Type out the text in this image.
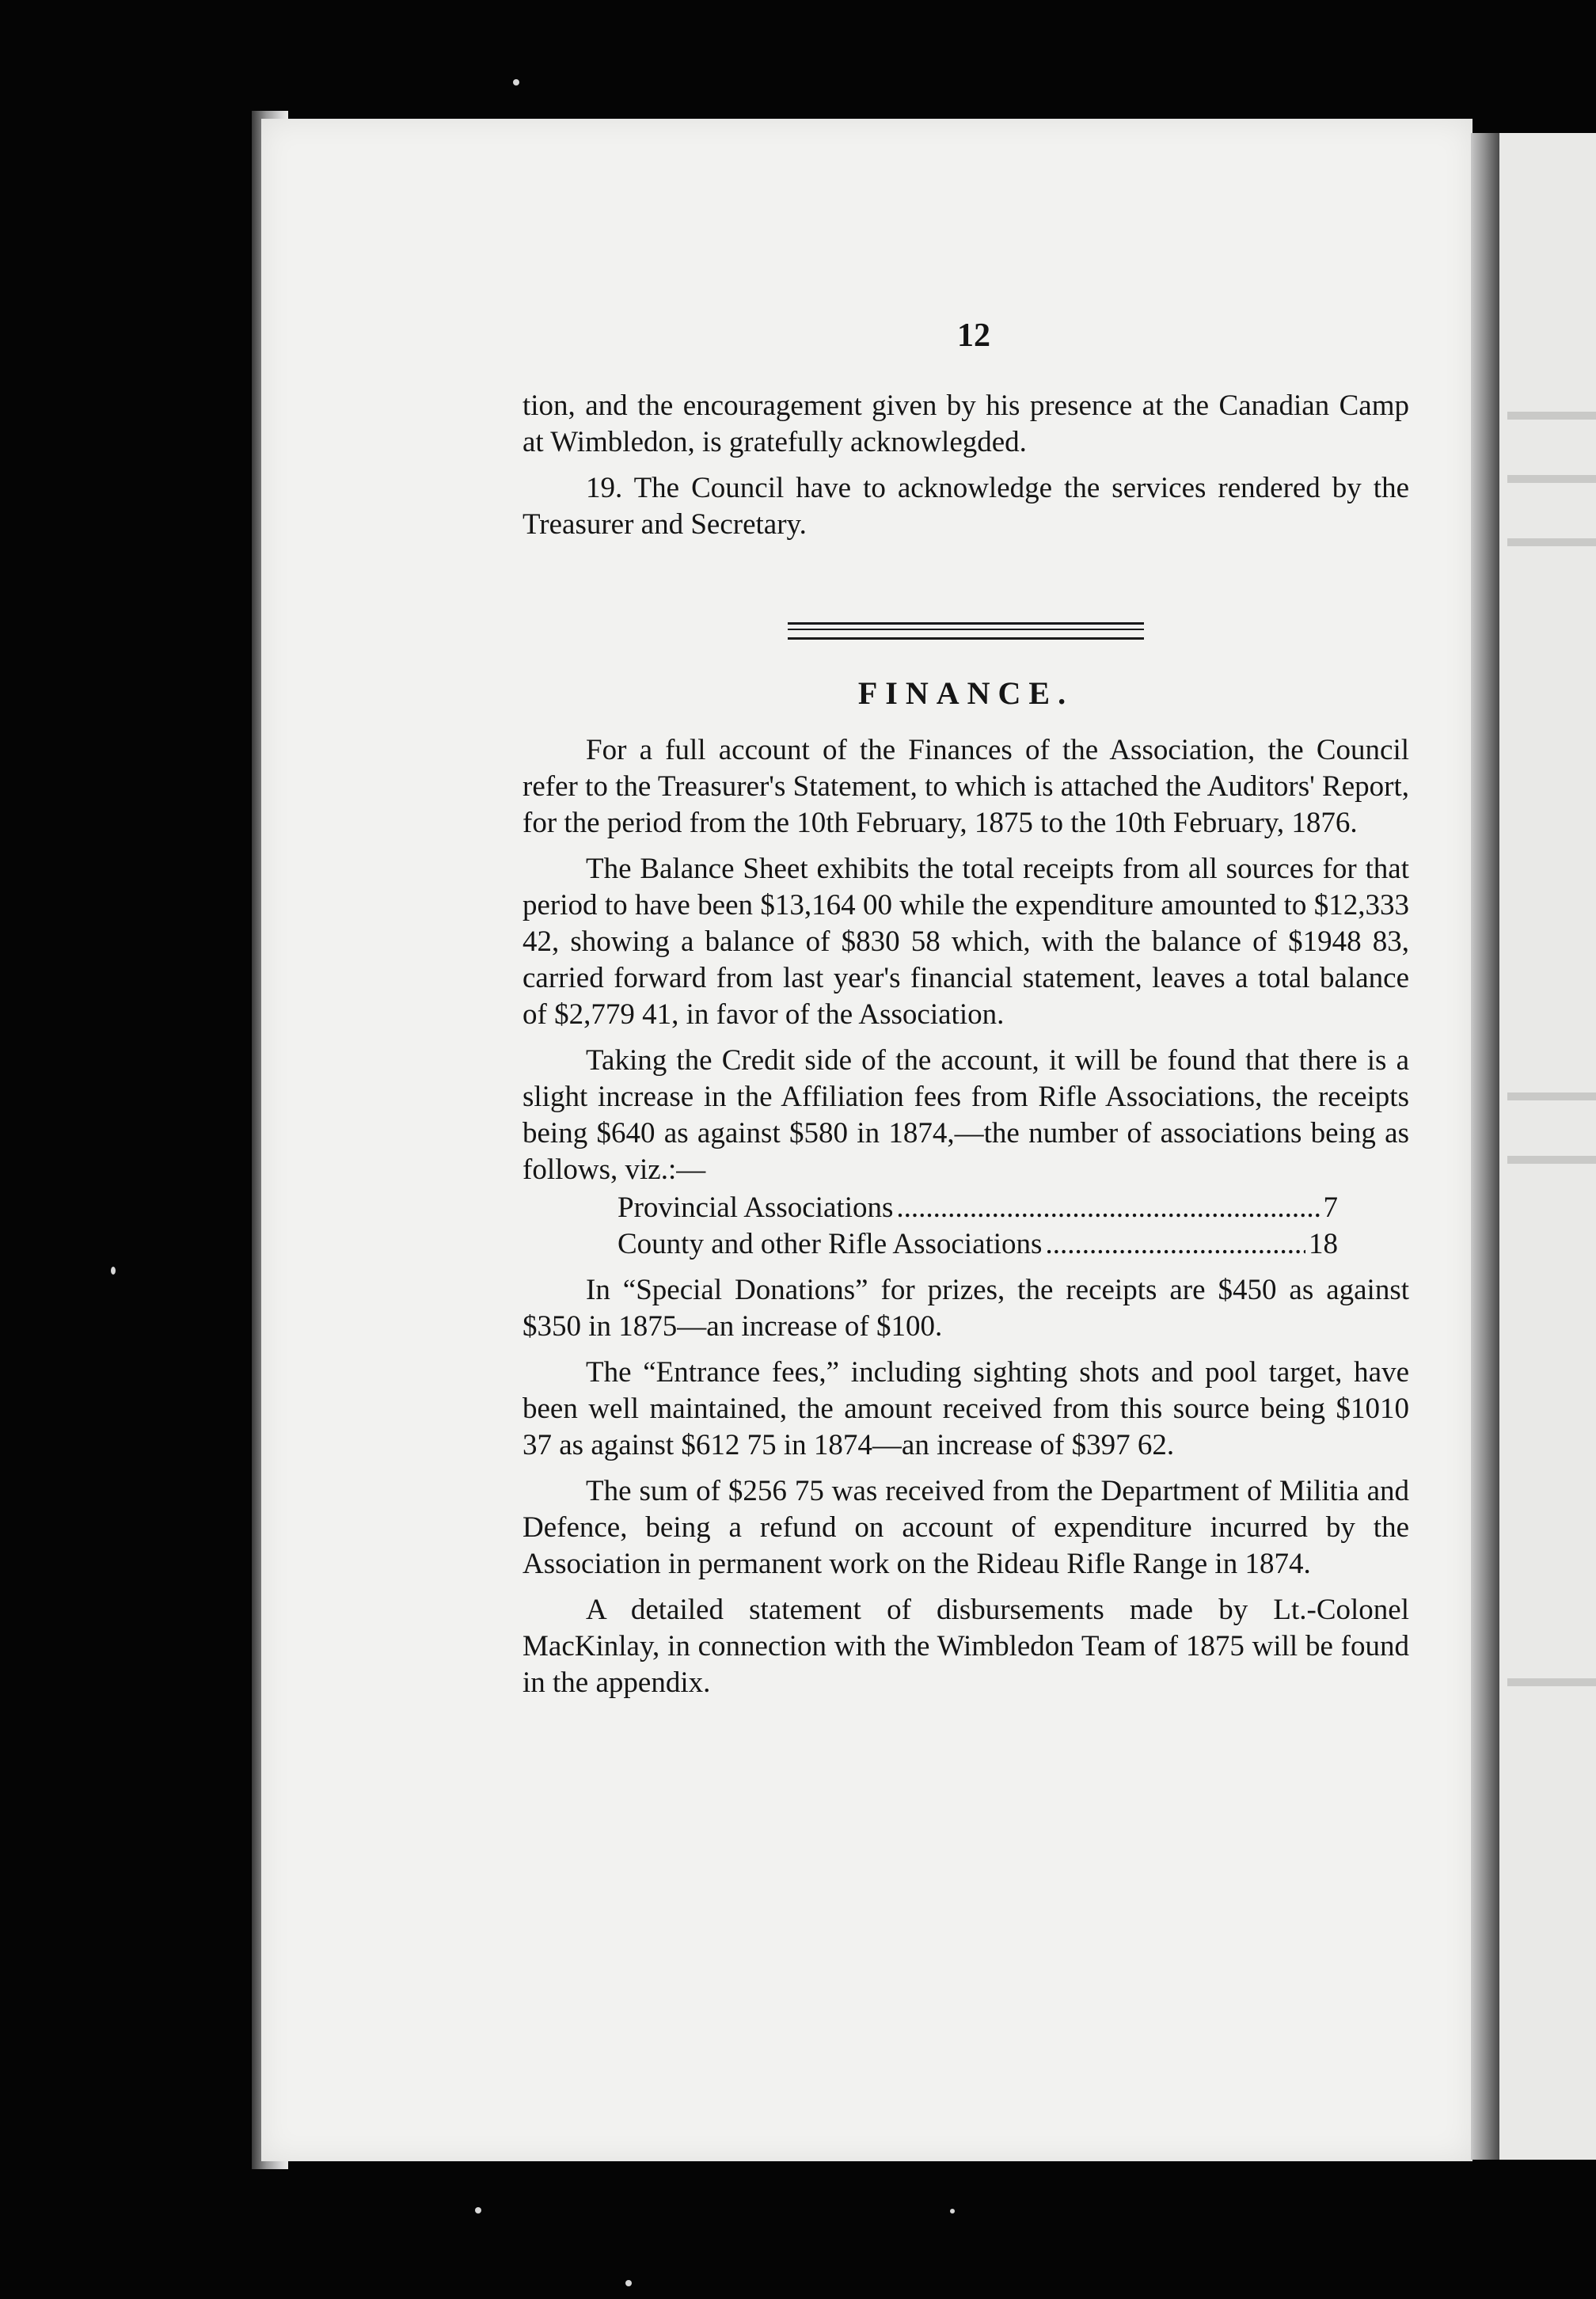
12

tion, and the encouragement given by his presence at the Canadian Camp at Wimbledon, is gratefully acknowlegded.

19. The Council have to acknowledge the services rendered by the Treasurer and Secretary.

FINANCE.

For a full account of the Finances of the Association, the Council refer to the Treasurer's Statement, to which is attached the Auditors' Report, for the period from the 10th February, 1875 to the 10th February, 1876.

The Balance Sheet exhibits the total receipts from all sources for that period to have been $13,164 00 while the expenditure amounted to $12,333 42, showing a balance of $830 58 which, with the balance of $1948 83, carried forward from last year's financial statement, leaves a total balance of $2,779 41, in favor of the Association.

Taking the Credit side of the account, it will be found that there is a slight increase in the Affiliation fees from Rifle Associations, the receipts being $640 as against $580 in 1874,—the number of associations being as follows, viz.:—

Provincial Associations .....	7
County and other Rifle Associations .....	18

In “Special Donations” for prizes, the receipts are $450 as against $350 in 1875—an increase of $100.

The “Entrance fees,” including sighting shots and pool target, have been well maintained, the amount received from this source being $1010 37 as against $612 75 in 1874—an increase of $397 62.

The sum of $256 75 was received from the Department of Militia and Defence, being a refund on account of expenditure incurred by the Association in permanent work on the Rideau Rifle Range in 1874.

A detailed statement of disbursements made by Lt.-Colonel MacKinlay, in connection with the Wimbledon Team of 1875 will be found in the appendix.
